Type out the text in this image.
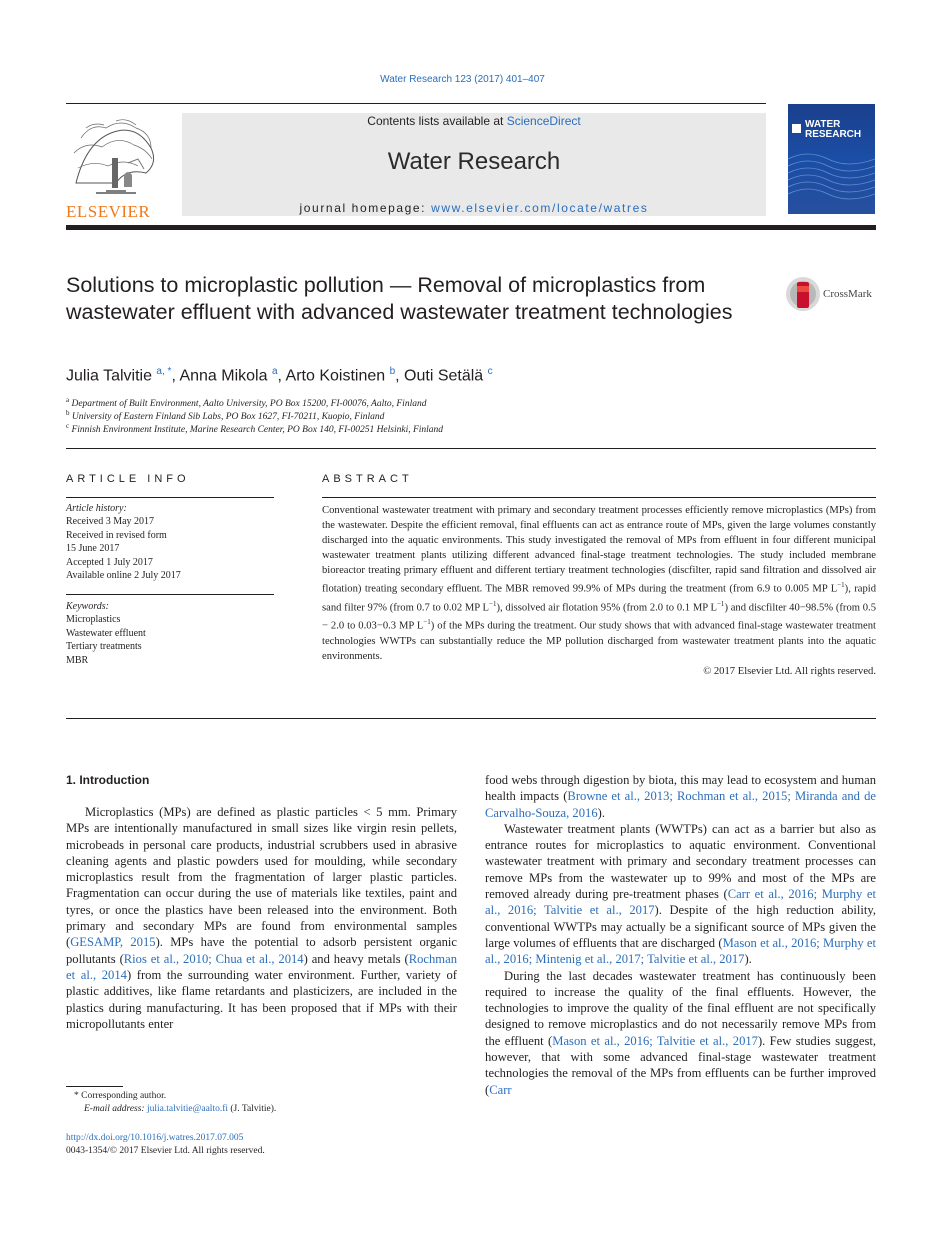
Water Research 123 (2017) 401–407
ELSEVIER
Contents lists available at ScienceDirect
Water Research
journal homepage: www.elsevier.com/locate/watres
WATER
RESEARCH
Solutions to microplastic pollution — Removal of microplastics from wastewater effluent with advanced wastewater treatment technologies
CrossMark
Julia Talvitie $^{a, *}$, Anna Mikola $^a$, Arto Koistinen $^b$, Outi Setälä $^c$
$^a$ Department of Built Environment, Aalto University, PO Box 15200, FI-00076, Aalto, Finland
$^b$ University of Eastern Finland Sib Labs, PO Box 1627, FI-70211, Kuopio, Finland
$^c$ Finnish Environment Institute, Marine Research Center, PO Box 140, FI-00251 Helsinki, Finland
ARTICLE INFO
Article history:
Received 3 May 2017
Received in revised form
15 June 2017
Accepted 1 July 2017
Available online 2 July 2017
Keywords:
Microplastics
Wastewater effluent
Tertiary treatments
MBR
ABSTRACT
Conventional wastewater treatment with primary and secondary treatment processes efficiently remove microplastics (MPs) from the wastewater. Despite the efficient removal, final effluents can act as entrance route of MPs, given the large volumes constantly discharged into the aquatic environments. This study investigated the removal of MPs from effluent in four different municipal wastewater treatment plants utilizing different advanced final-stage treatment technologies. The study included membrane bioreactor treating primary effluent and different tertiary treatment technologies (discfilter, rapid sand filtration and dissolved air flotation) treating secondary effluent. The MBR removed 99.9% of MPs during the treatment (from 6.9 to 0.005 MP $L^{-1}$), rapid sand filter 97% (from 0.7 to 0.02 MP $L^{-1}$), dissolved air flotation 95% (from 2.0 to 0.1 MP $L^{-1}$) and discfilter 40−98.5% (from 0.5 − 2.0 to 0.03−0.3 MP $L^{-1}$) of the MPs during the treatment. Our study shows that with advanced final-stage wastewater treatment technologies WWTPs can substantially reduce the MP pollution discharged from wastewater treatment plants into the aquatic environments.
© 2017 Elsevier Ltd. All rights reserved.
1. Introduction

Microplastics (MPs) are defined as plastic particles < 5 mm. Primary MPs are intentionally manufactured in small sizes like virgin resin pellets, microbeads in personal care products, industrial scrubbers used in abrasive cleaning agents and plastic powders used for moulding, while secondary microplastics result from the fragmentation of larger plastic particles. Fragmentation can occur during the use of materials like textiles, paint and tyres, or once the plastics have been released into the environment. Both primary and secondary MPs are found from environmental samples (GESAMP, 2015). MPs have the potential to adsorb persistent organic pollutants (Rios et al., 2010; Chua et al., 2014) and heavy metals (Rochman et al., 2014) from the surrounding water environment. Further, variety of plastic additives, like flame retardants and plasticizers, are included in the plastics during manufacturing. It has been proposed that if MPs with their micropollutants enter

food webs through digestion by biota, this may lead to ecosystem and human health impacts (Browne et al., 2013; Rochman et al., 2015; Miranda and de Carvalho-Souza, 2016).

Wastewater treatment plants (WWTPs) can act as a barrier but also as entrance routes for microplastics to aquatic environment. Conventional wastewater treatment with primary and secondary treatment processes can remove MPs from the wastewater up to 99% and most of the MPs are removed already during pre-treatment phases (Carr et al., 2016; Murphy et al., 2016; Talvitie et al., 2017). Despite of the high reduction ability, conventional WWTPs may actually be a significant source of MPs given the large volumes of effluents that are discharged (Mason et al., 2016; Murphy et al., 2016; Mintenig et al., 2017; Talvitie et al., 2017).

During the last decades wastewater treatment has continuously been required to increase the quality of the final effluents. However, the technologies to improve the quality of the final effluent are not specifically designed to remove microplastics and do not necessarily remove MPs from the effluent (Mason et al., 2016; Talvitie et al., 2017). Few studies suggest, however, that with some advanced final-stage wastewater treatment technologies the removal of the MPs from effluents can be further improved (Carr

* Corresponding author.
E-mail address: julia.talvitie@aalto.fi (J. Talvitie).
http://dx.doi.org/10.1016/j.watres.2017.07.005
0043-1354/© 2017 Elsevier Ltd. All rights reserved.
